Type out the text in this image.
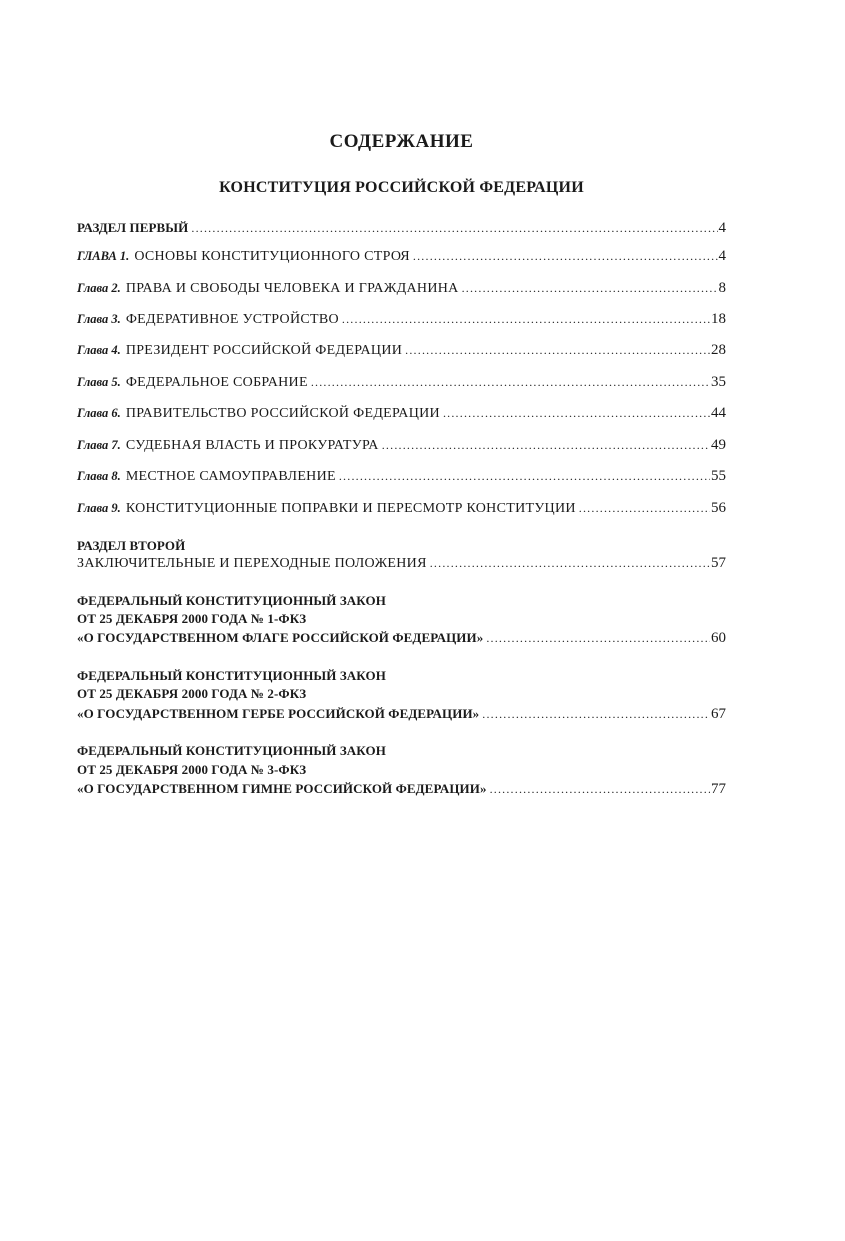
СОДЕРЖАНИЕ
КОНСТИТУЦИЯ РОССИЙСКОЙ ФЕДЕРАЦИИ
РАЗДЕЛ ПЕРВЫЙ .....	4
ГЛАВА 1. ОСНОВЫ КОНСТИТУЦИОННОГО СТРОЯ .....	4
Глава 2. ПРАВА И СВОБОДЫ ЧЕЛОВЕКА И ГРАЖДАНИНА .....	8
Глава 3. ФЕДЕРАТИВНОЕ УСТРОЙСТВО .....	18
Глава 4. ПРЕЗИДЕНТ РОССИЙСКОЙ ФЕДЕРАЦИИ .....	28
Глава 5. ФЕДЕРАЛЬНОЕ СОБРАНИЕ .....	35
Глава 6. ПРАВИТЕЛЬСТВО РОССИЙСКОЙ ФЕДЕРАЦИИ .....	44
Глава 7. СУДЕБНАЯ ВЛАСТЬ И ПРОКУРАТУРА .....	49
Глава 8. МЕСТНОЕ САМОУПРАВЛЕНИЕ .....	55
Глава 9. КОНСТИТУЦИОННЫЕ ПОПРАВКИ И ПЕРЕСМОТР КОНСТИТУЦИИ .....	56
РАЗДЕЛ ВТОРОЙ
ЗАКЛЮЧИТЕЛЬНЫЕ И ПЕРЕХОДНЫЕ ПОЛОЖЕНИЯ .....	57
ФЕДЕРАЛЬНЫЙ КОНСТИТУЦИОННЫЙ ЗАКОН
ОТ 25 ДЕКАБРЯ 2000 ГОДА № 1-ФКЗ
«О ГОСУДАРСТВЕННОМ ФЛАГЕ РОССИЙСКОЙ ФЕДЕРАЦИИ» .....	60
ФЕДЕРАЛЬНЫЙ КОНСТИТУЦИОННЫЙ ЗАКОН
ОТ 25 ДЕКАБРЯ 2000 ГОДА № 2-ФКЗ
«О ГОСУДАРСТВЕННОМ ГЕРБЕ РОССИЙСКОЙ ФЕДЕРАЦИИ» .....	67
ФЕДЕРАЛЬНЫЙ КОНСТИТУЦИОННЫЙ ЗАКОН
ОТ 25 ДЕКАБРЯ 2000 ГОДА № 3-ФКЗ
«О ГОСУДАРСТВЕННОМ ГИМНЕ РОССИЙСКОЙ ФЕДЕРАЦИИ» .....	77
